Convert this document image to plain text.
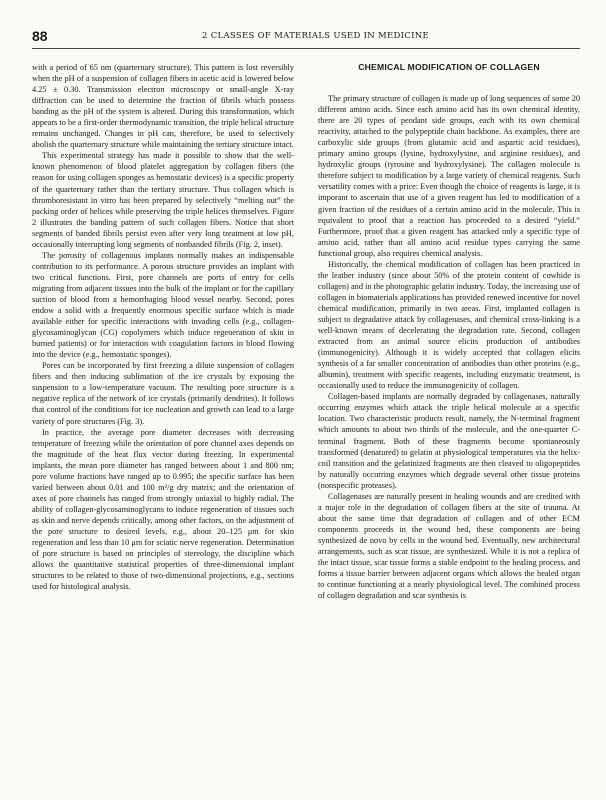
88	2 CLASSES OF MATERIALS USED IN MEDICINE

with a period of 65 nm (quarternary structure). This pattern is lost reversibly when the pH of a suspension of collagen fibers in acetic acid is lowered below 4.25 ± 0.30. Transmission electron microscopy or small-angle X-ray diffraction can be used to determine the fraction of fibrils which possess banding as the pH of the system is altered. During this transformation, which appears to be a first-order thermodynamic transition, the triple helical structure remains unchanged. Changes in pH can, therefore, be used to selectively abolish the quarternary structure while maintaining the tertiary structure intact.

This experimental strategy has made it possible to show that the well-known phenomenon of blood platelet aggregation by collagen fibers (the reason for using collagen sponges as hemostatic devices) is a specific property of the quarternary rather than the tertiary structure. Thus collagen which is thromboresistant in vitro has been prepared by selectively “melting out” the packing order of helices while preserving the triple helices themselves. Figure 2 illustrates the banding pattern of such collagen fibers. Notice that short segments of banded fibrils persist even after very long treatment at low pH, occasionally interrupting long segments of nonbanded fibrils (Fig. 2, inset).

The porosity of collagenous implants normally makes an indispensable contribution to its performance. A porous structure provides an implant with two critical functions. First, pore channels are ports of entry for cells migrating from adjacent tissues into the bulk of the implant or for the capillary suction of blood from a hemorrhaging blood vessel nearby. Second, pores endow a solid with a frequently enormous specific surface which is made available either for specific interactions with invading cells (e.g., collagen-glycosaminoglycan (CG) copolymers which induce regeneration of skin in burned patients) or for interaction with coagulation factors in blood flowing into the device (e.g., hemostatic sponges).

Pores can be incorporated by first freezing a dilute suspension of collagen fibers and then inducing sublimation of the ice crystals by exposing the suspension to a low-temperature vacuum. The resulting pore structure is a negative replica of the network of ice crystals (primarily dendrites). It follows that control of the conditions for ice nucleation and growth can lead to a large variety of pore structures (Fig. 3).

In practice, the average pore diameter decreases with decreasing temperature of freezing while the orientation of pore channel axes depends on the magnitude of the heat flux vector during freezing. In experimental implants, the mean pore diameter has ranged between about 1 and 800 nm; pore volume fractions have ranged up to 0.995; the specific surface has been varied between about 0.01 and 100 m²/g dry matrix; and the orientation of axes of pore channels has ranged from strongly uniaxial to highly radial. The ability of collagen-glycosaminoglycans to induce regeneration of tissues such as skin and nerve depends critically, among other factors, on the adjustment of the pore structure to desired levels, e.g., about 20–125 μm for skin regeneration and less than 10 μm for sciatic nerve regeneration. Determination of pore structure is based on principles of stereology, the discipline which allows the quantitative statistical properties of three-dimensional implant structures to be related to those of two-dimensional projections, e.g., sections used for histological analysis.

CHEMICAL MODIFICATION OF COLLAGEN

The primary structure of collagen is made up of long sequences of some 20 different amino acids. Since each amino acid has its own chemical identity, there are 20 types of pendant side groups, each with its own chemical reactivity, attached to the polypeptide chain backbone. As examples, there are carboxylic side groups (from glutamic acid and aspartic acid residues), primary amino groups (lysine, hydroxylysine, and arginine residues), and hydroxylic groups (tyrosine and hydroxylysine). The collagen molecule is therefore subject to modification by a large variety of chemical reagents. Such versatility comes with a price: Even though the choice of reagents is large, it is imporant to ascertain that use of a given reagent has led to modification of a given fraction of the residues of a certain amino acid in the molecule. This is equivalent to proof that a reaction has proceeded to a desired “yield.” Furthermore, proof that a given reagent has attacked only a specific type of amino acid, rather than all amino acid residue types carrying the same functional group, also requires chemical analysis.

Historically, the chemical modification of collagen has been practiced in the leather industry (since about 50% of the protein content of cowhide is collagen) and in the photographic gelatin industry. Today, the increasing use of collagen in biomaterials applications has provided renewed incentive for novel chemical modification, primarily in two areas. First, implanted collagen is subject to degradative attack by collagenases, and chemical cross-linking is a well-known means of decelerating the degradation rate. Second, collagen extracted from an animal source elicits production of antibodies (immunogenicity). Although it is widely accepted that collagen elicits synthesis of a far smaller concentration of antibodies than other proteins (e.g., albumin), treatment with specific reagents, including enzymatic treatment, is occasionally used to reduce the immunogenicity of collagen.

Collagen-based implants are normally degraded by collagenases, naturally occurring enzymes which attack the triple helical molecule at a specific location. Two characteristic products result, namely, the N-terminal fragment which amounts to about two thirds of the molecule, and the one-quarter C-terminal fragment. Both of these fragments become spontaneously transformed (denatured) to gelatin at physiological temperatures via the helix-coil transition and the gelatinized fragments are then cleaved to oligopeptides by naturally occurring enzymes which degrade several other tissue proteins (nonspecific proteases).

Collagenases are naturally present in healing wounds and are credited with a major role in the degradation of collagen fibers at the site of trauma. At about the same time that degradation of collagen and of other ECM components proceeds in the wound bed, these components are being synthesized de novo by cells in the wound bed. Eventually, new architectural arrangements, such as scar tissue, are synthesized. While it is not a replica of the intact tissue, scar tissue forms a stable endpoint to the healing process, and forms a tissue barrier between adjacent organs which allows the healed organ to continue functioning at a nearly physiological level. The combined process of collagen degradation and scar synthesis is
